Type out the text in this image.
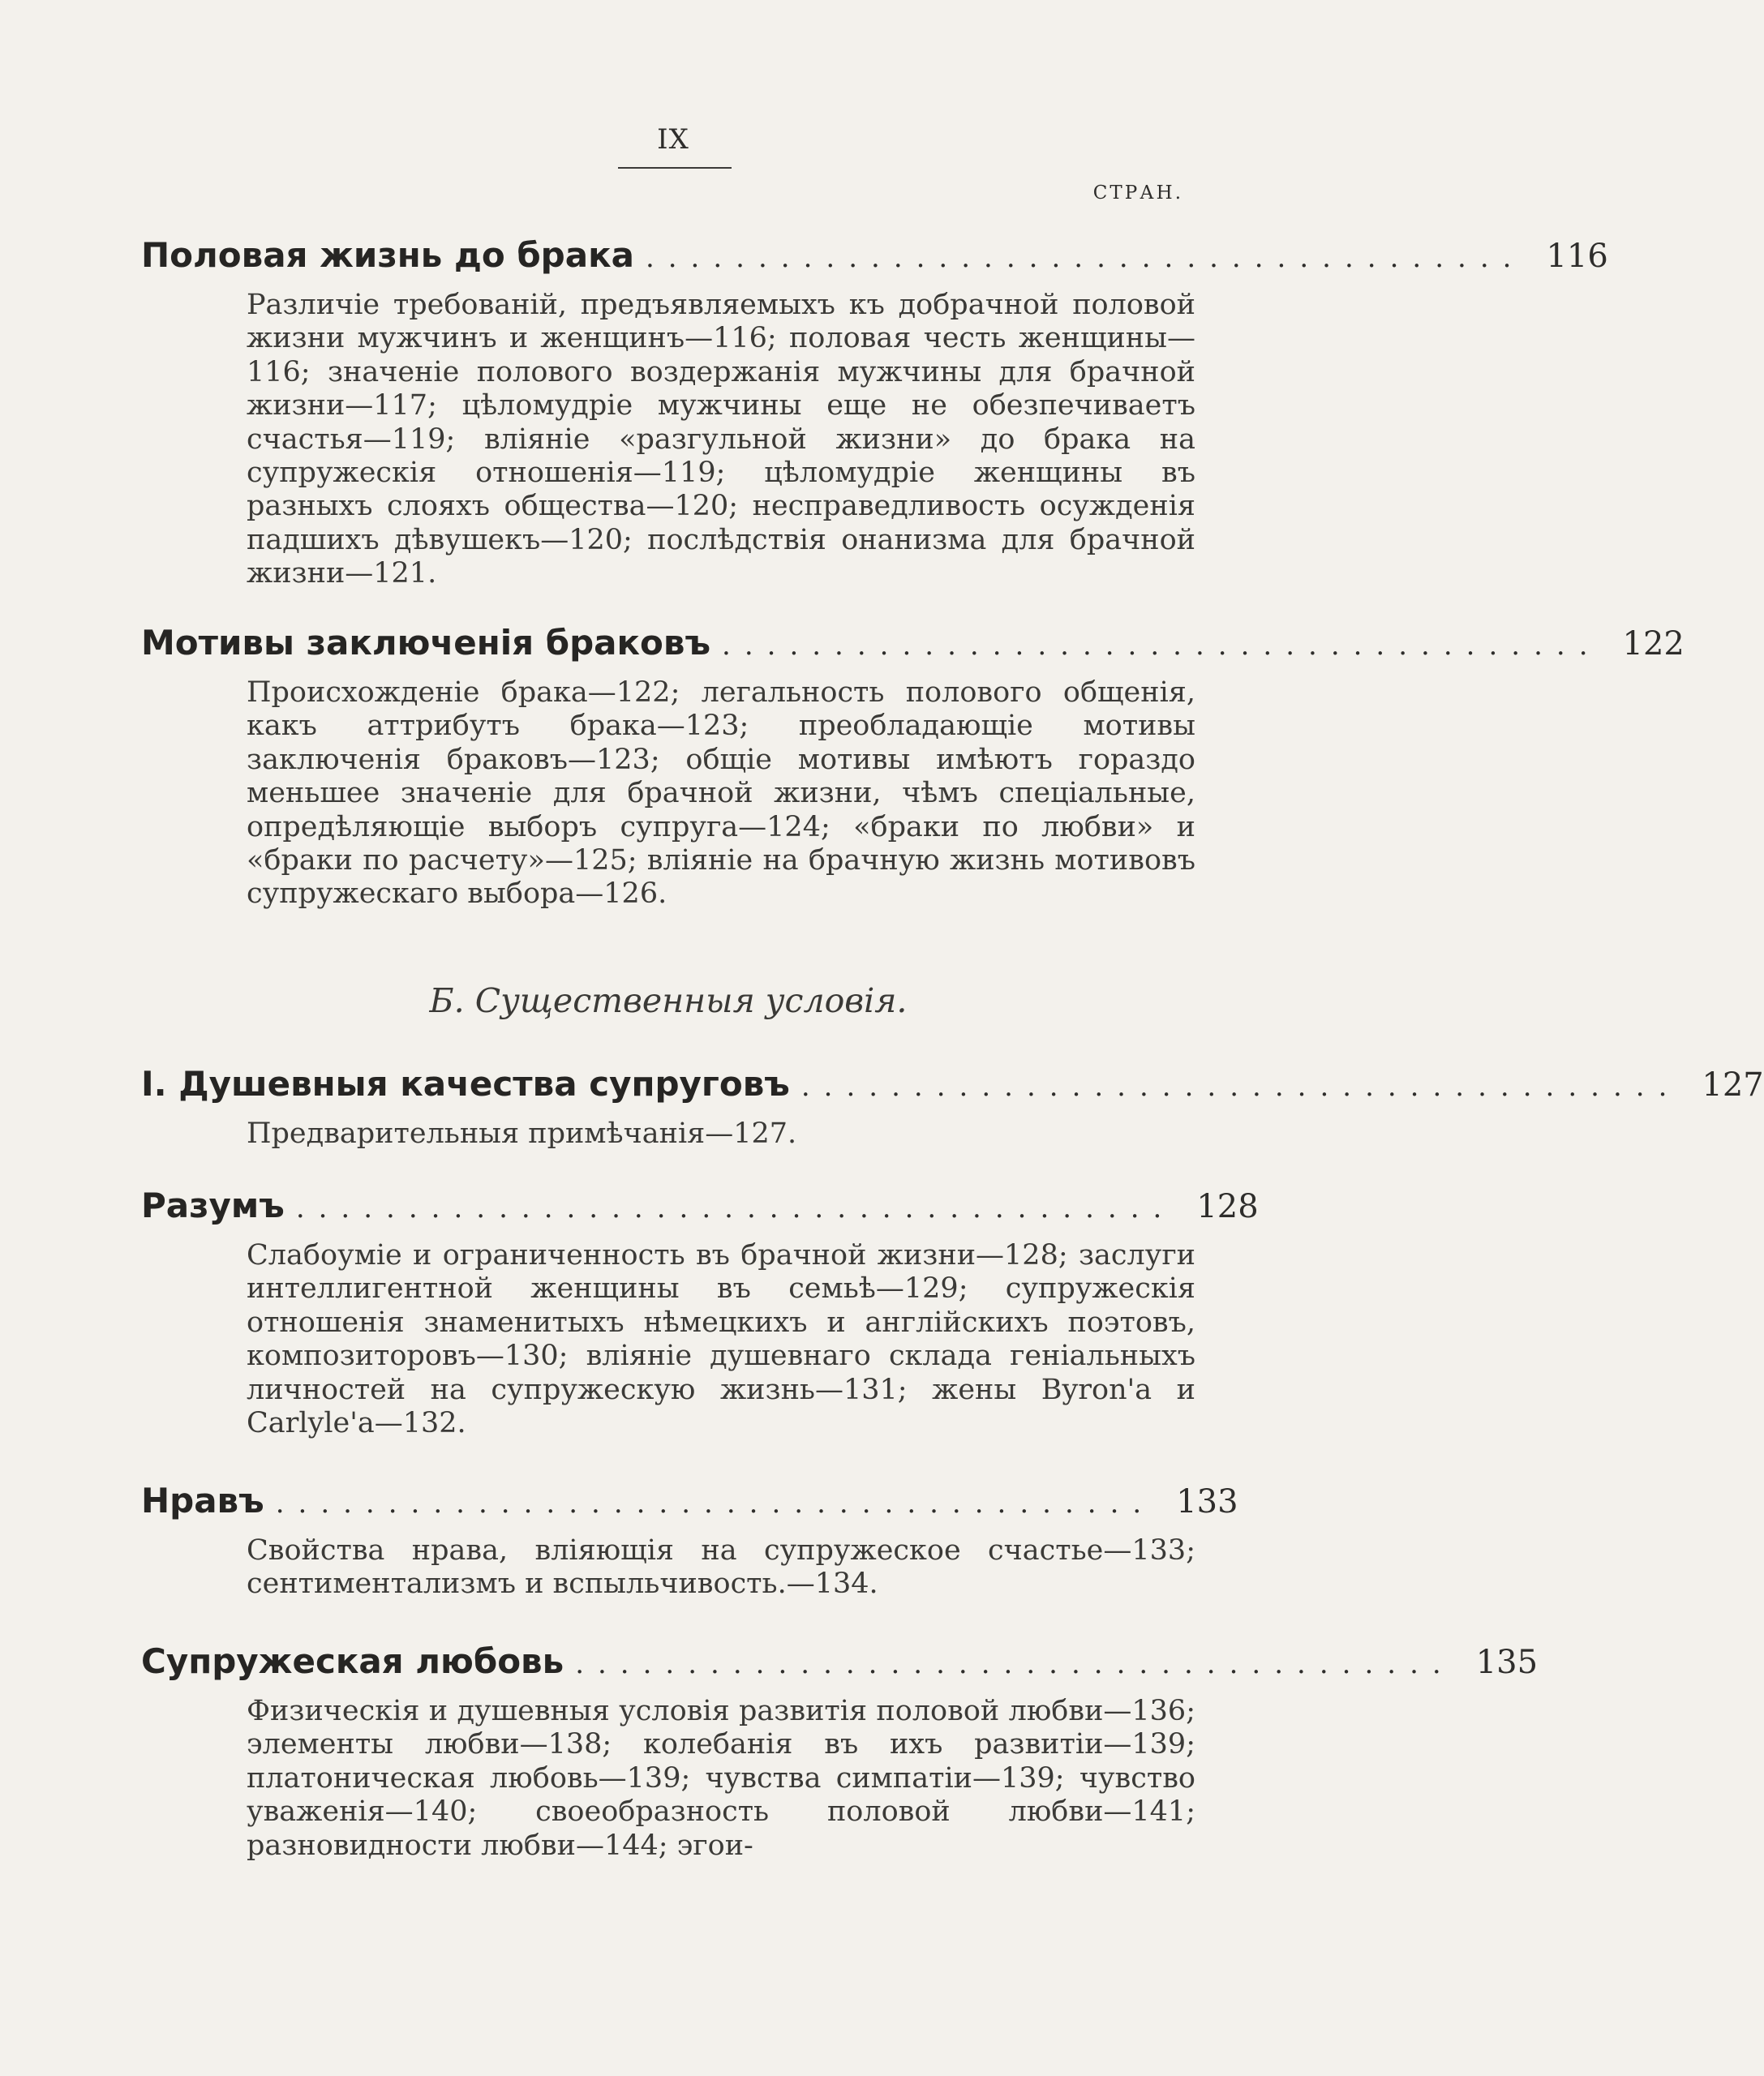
IX
СТРАН.
Половая жизнь до брака ....................................... 116
Различіе требованій, предъявляемыхъ къ добрачной половой жизни мужчинъ и женщинъ—116; половая честь женщины—116; значеніе полового воздержанія мужчины для брачной жизни—117; цѣломудріе мужчины еще не обезпечиваетъ счастья—119; вліяніе «разгульной жизни» до брака на супружескія отношенія—119; цѣломудріе женщины въ разныхъ слояхъ общества—120; несправедливость осужденія падшихъ дѣвушекъ—120; послѣдствія онанизма для брачной жизни—121.
Мотивы заключенія браковъ ....................................... 122
Происхожденіе брака—122; легальность полового общенія, какъ аттрибутъ брака—123; преобладающіе мотивы заключенія браковъ—123; общіе мотивы имѣютъ гораздо меньшее значеніе для брачной жизни, чѣмъ спеціальные, опредѣляющіе выборъ супруга—124; «браки по любви» и «браки по расчету»—125; вліяніе на брачную жизнь мотивовъ супружескаго выбора—126.
Б. Существенныя условія.
I. Душевныя качества супруговъ ....................................... 127
Предварительныя примѣчанія—127.
Разумъ ....................................... 128
Слабоуміе и ограниченность въ брачной жизни—128; заслуги интеллигентной женщины въ семьѣ—129; супружескія отношенія знаменитыхъ нѣмецкихъ и англійскихъ поэтовъ, композиторовъ—130; вліяніе душевнаго склада геніальныхъ личностей на супружескую жизнь—131; жены Byron'а и Carlyle'а—132.
Нравъ ....................................... 133
Свойства нрава, вліяющія на супружеское счастье—133; сентиментализмъ и вспыльчивость.—134.
Супружеская любовь ....................................... 135
Физическія и душевныя условія развитія половой любви—136; элементы любви—138; колебанія въ ихъ развитіи—139; платоническая любовь—139; чувства симпатіи—139; чувство уваженія—140; своеобразность половой любви—141; разновидности любви—144; эгои-
